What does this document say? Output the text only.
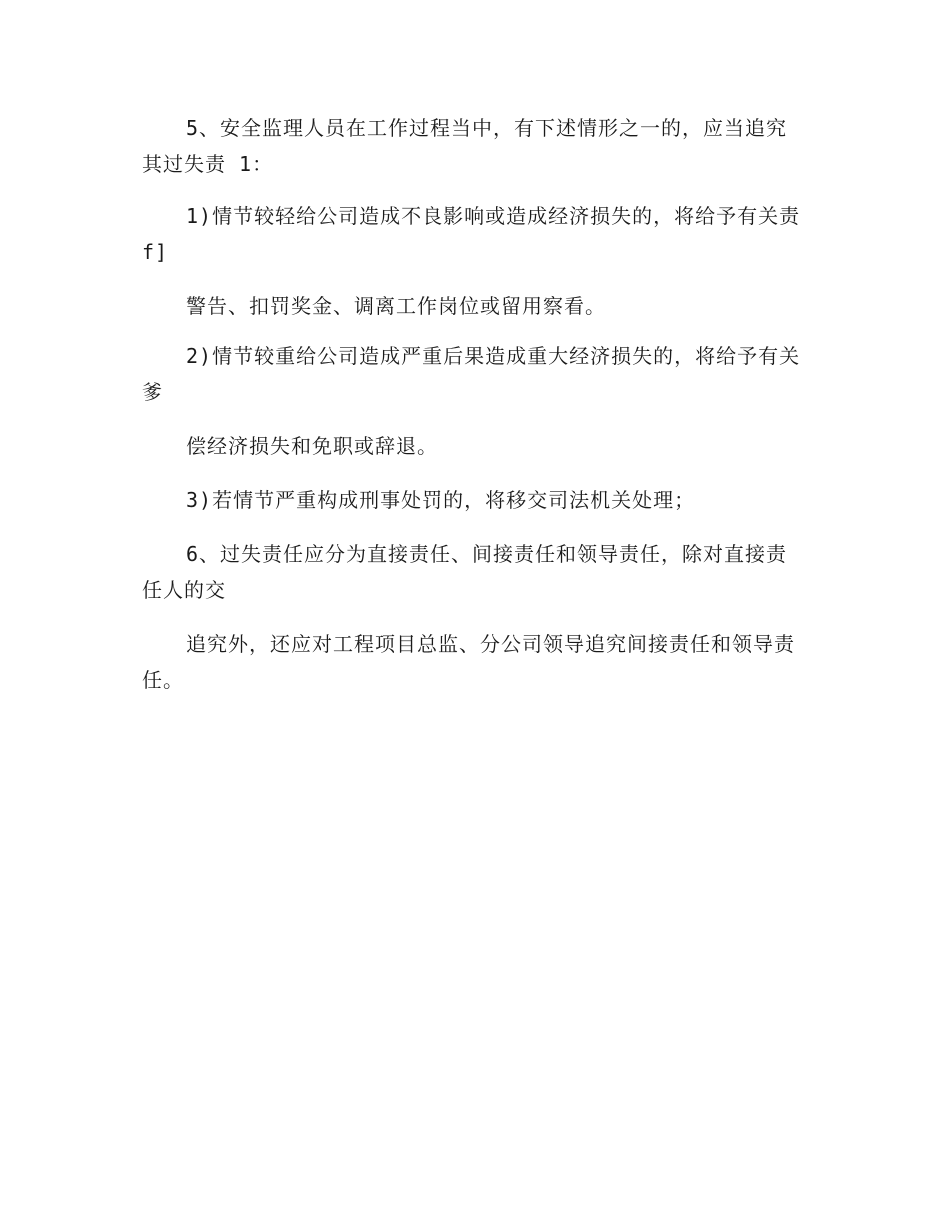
5、安全监理人员在工作过程当中，有下述情形之一的，应当追究其过失责 1：

1)情节较轻给公司造成不良影响或造成经济损失的，将给予有关责 f]

警告、扣罚奖金、调离工作岗位或留用察看。

2)情节较重给公司造成严重后果造成重大经济损失的，将给予有关爹

偿经济损失和免职或辞退。

3)若情节严重构成刑事处罚的，将移交司法机关处理；

6、过失责任应分为直接责任、间接责任和领导责任，除对直接责任人的交

追究外，还应对工程项目总监、分公司领导追究间接责任和领导责任。
